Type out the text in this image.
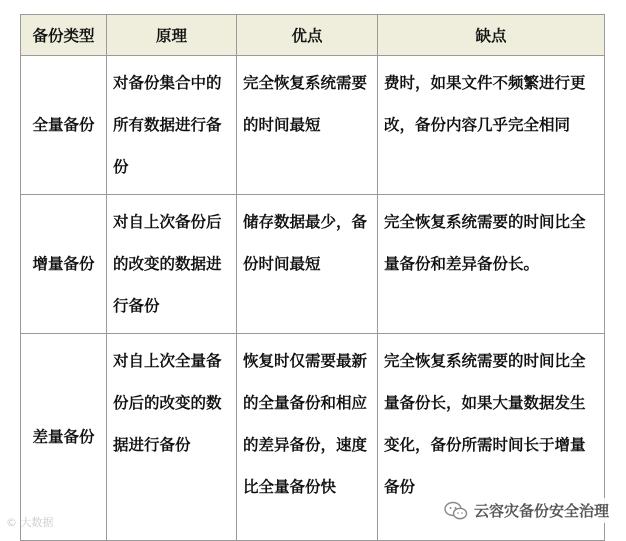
备份类型	原理	优点	缺点
全量备份	对备份集合中的所有数据进行备份	完全恢复系统需要的时间最短	费时，如果文件不频繁进行更改，备份内容几乎完全相同

增量备份	对自上次备份后的改变的数据进行备份	储存数据最少，备份时间最短	完全恢复系统需要的时间比全量备份和差异备份长。

差量备份	对自上次全量备份后的改变的数据进行备份	恢复时仅需要最新的全量备份和相应的差异备份，速度比全量备份快	完全恢复系统需要的时间比全量备份长，如果大量数据发生变化，备份所需时间长于增量备份
© 大数据
云容灾备份安全治理
